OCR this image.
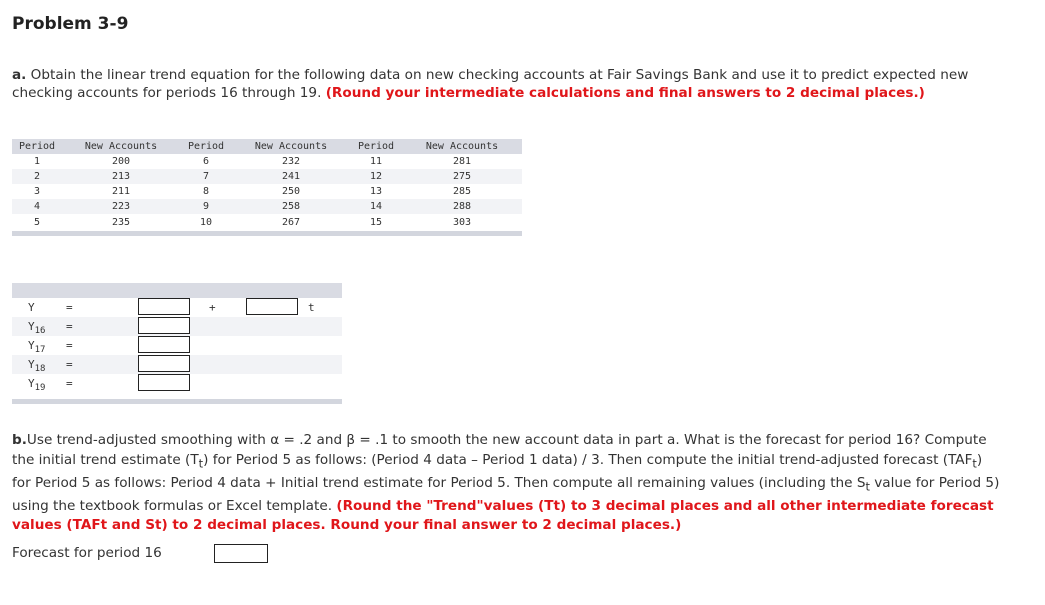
Problem 3-9
a. Obtain the linear trend equation for the following data on new checking accounts at Fair Savings Bank and use it to predict expected new checking accounts for periods 16 through 19. (Round your intermediate calculations and final answers to 2 decimal places.)
Period	New Accounts	Period	New Accounts	Period	New Accounts
1	200	6	232	11	281
2	213	7	241	12	275
3	211	8	250	13	285
4	223	9	258	14	288
5	235	10	267	15	303
Y	=	+	t
$Y_{16}$ =
$Y_{17}$ =
$Y_{18}$ =
$Y_{19}$ =
b.Use trend-adjusted smoothing with α = .2 and β = .1 to smooth the new account data in part a. What is the forecast for period 16? Compute the initial trend estimate $(T_t)$ for Period 5 as follows: (Period 4 data – Period 1 data) / 3. Then compute the initial trend-adjusted forecast $(TAF_t)$ for Period 5 as follows: Period 4 data + Initial trend estimate for Period 5. Then compute all remaining values (including the $S_t$ value for Period 5) using the textbook formulas or Excel template. (Round the "Trend"values (Tt) to 3 decimal places and all other intermediate forecast values (TAFt and St) to 2 decimal places. Round your final answer to 2 decimal places.)
Forecast for period 16
